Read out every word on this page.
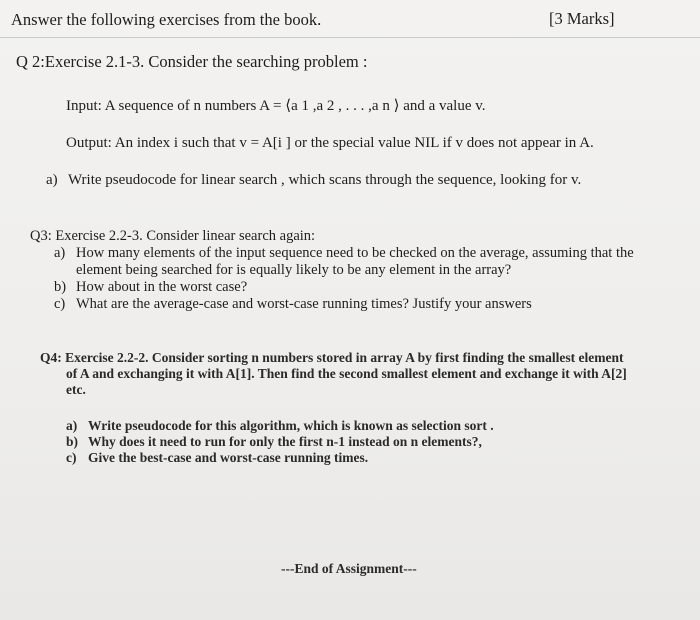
Answer the following exercises from the book.	[3 Marks]
Q 2:Exercise 2.1-3. Consider the searching problem :
Input: A sequence of n numbers A = ⟨a 1 ,a 2 , . . . ,a n ⟩ and a value v.
Output: An index i such that v = A[i ] or the special value NIL if v does not appear in A.
a) Write pseudocode for linear search , which scans through the sequence, looking for v.
Q3: Exercise 2.2-3. Consider linear search again:
a) How many elements of the input sequence need to be checked on the average, assuming that the
element being searched for is equally likely to be any element in the array?
b) How about in the worst case?
c) What are the average-case and worst-case running times? Justify your answers
Q4: Exercise 2.2-2. Consider sorting n numbers stored in array A by first finding the smallest element
of A and exchanging it with A[1]. Then find the second smallest element and exchange it with A[2]
etc.
a) Write pseudocode for this algorithm, which is known as selection sort .
b) Why does it need to run for only the first n-1 instead on n elements?,
c) Give the best-case and worst-case running times.
---End of Assignment---
